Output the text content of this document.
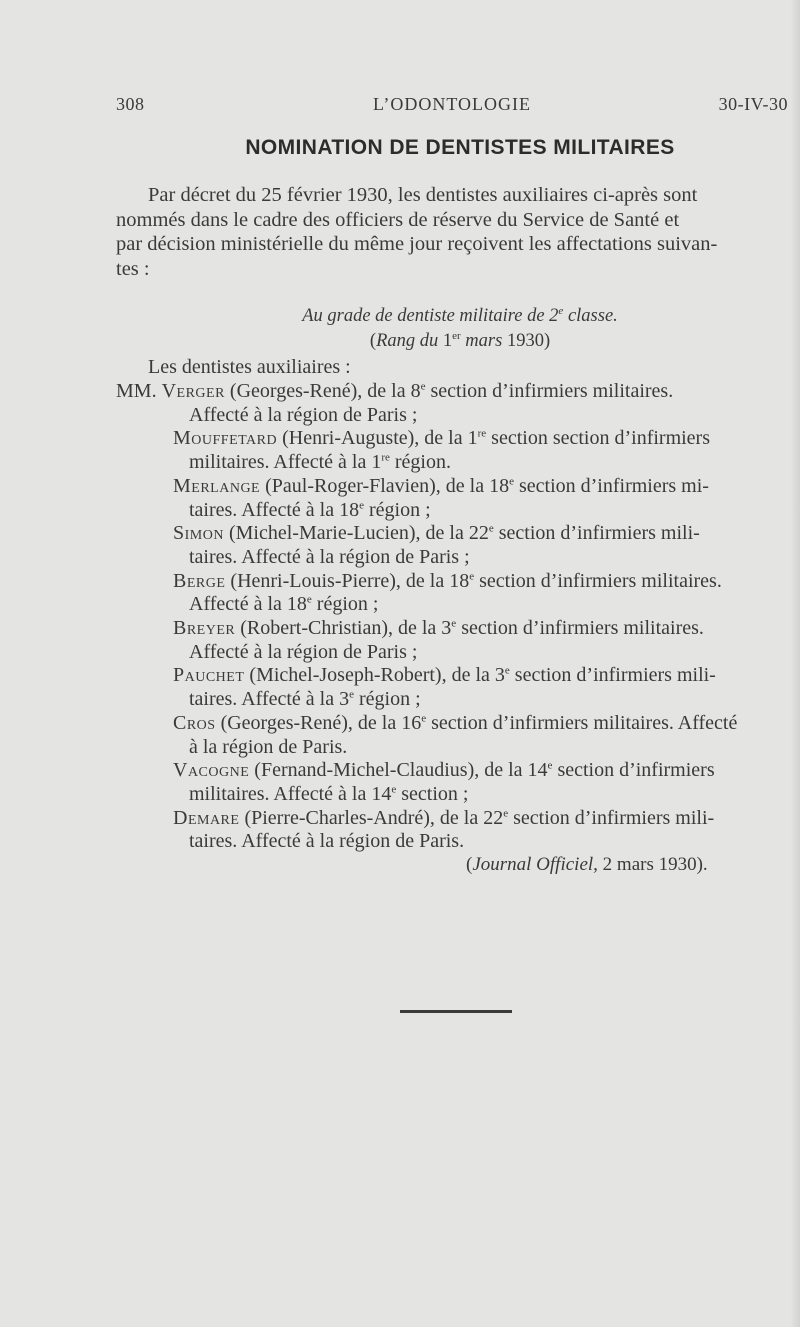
308	L’ODONTOLOGIE	30-IV-30
NOMINATION DE DENTISTES MILITAIRES
Par décret du 25 février 1930, les dentistes auxiliaires ci-après sont
nommés dans le cadre des officiers de réserve du Service de Santé et
par décision ministérielle du même jour reçoivent les affectations suivan-
tes :
Au grade de dentiste militaire de 2e classe.
(Rang du 1er mars 1930)
Les dentistes auxiliaires :
MM. Verger (Georges-René), de la 8e section d’infirmiers militaires.
Affecté à la région de Paris ;
Mouffetard (Henri-Auguste), de la 1re section section d’infirmiers
militaires. Affecté à la 1re région.
Merlange (Paul-Roger-Flavien), de la 18e section d’infirmiers mi-
taires. Affecté à la 18e région ;
Simon (Michel-Marie-Lucien), de la 22e section d’infirmiers mili-
taires. Affecté à la région de Paris ;
Berge (Henri-Louis-Pierre), de la 18e section d’infirmiers militaires.
Affecté à la 18e région ;
Breyer (Robert-Christian), de la 3e section d’infirmiers militaires.
Affecté à la région de Paris ;
Pauchet (Michel-Joseph-Robert), de la 3e section d’infirmiers mili-
taires. Affecté à la 3e région ;
Cros (Georges-René), de la 16e section d’infirmiers militaires. Affecté
à la région de Paris.
Vacogne (Fernand-Michel-Claudius), de la 14e section d’infirmiers
militaires. Affecté à la 14e section ;
Demare (Pierre-Charles-André), de la 22e section d’infirmiers mili-
taires. Affecté à la région de Paris.
(Journal Officiel, 2 mars 1930).
